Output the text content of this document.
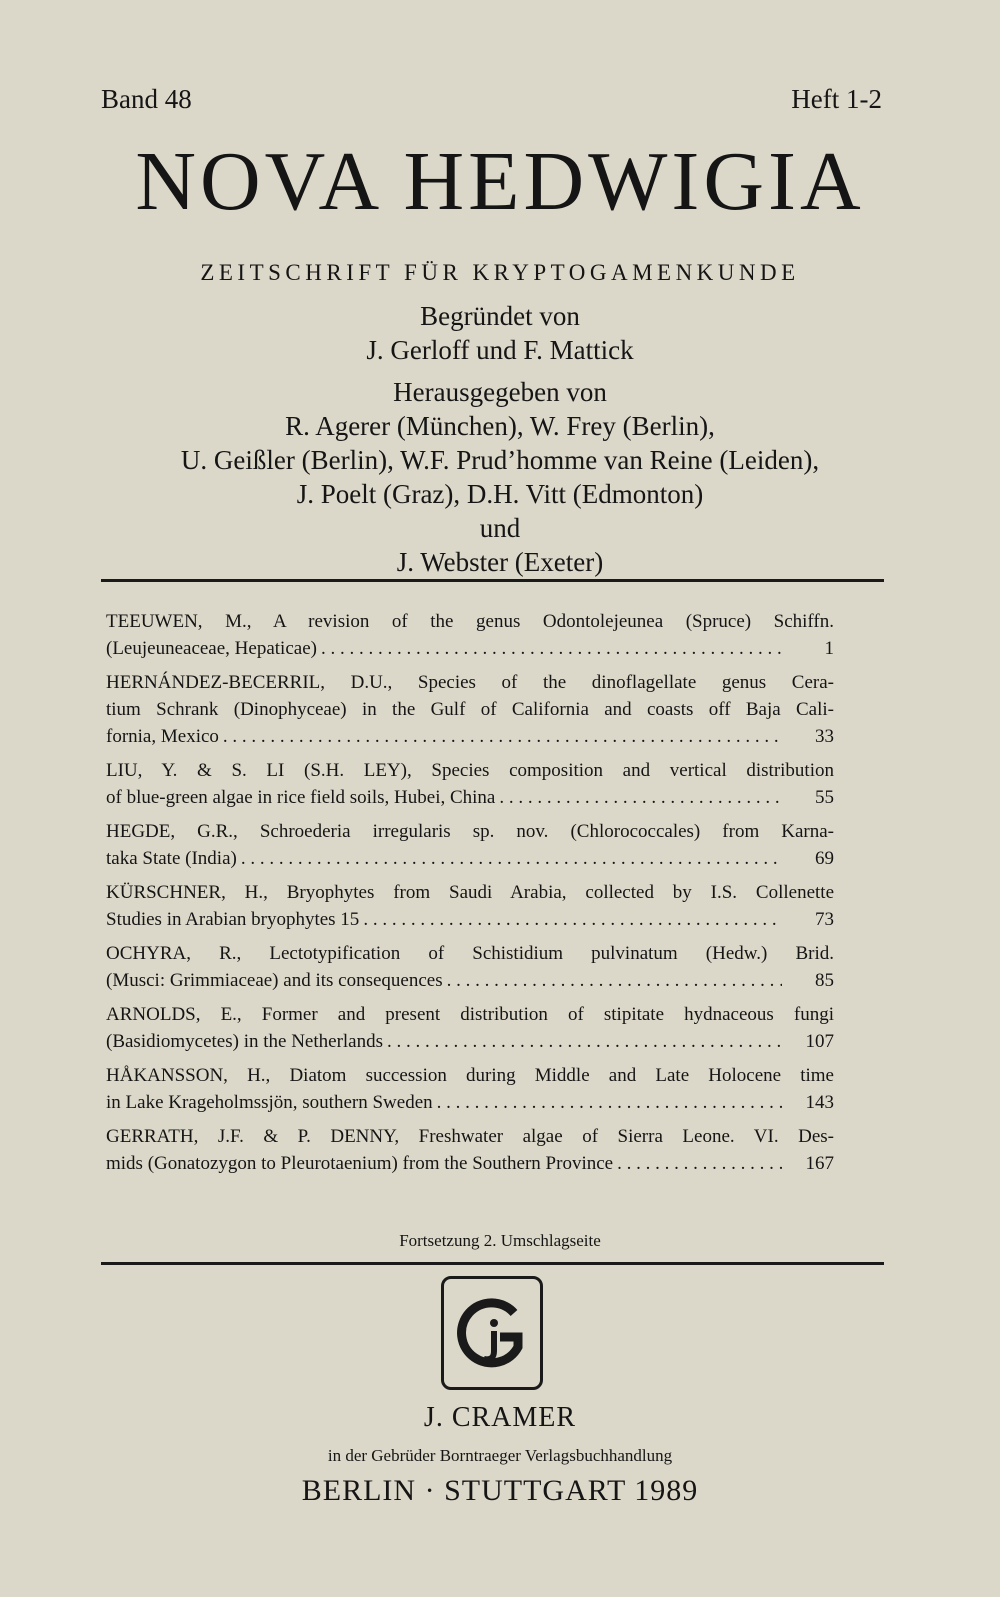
Band 48	Heft 1-2
NOVA HEDWIGIA
ZEITSCHRIFT FÜR KRYPTOGAMENKUNDE
Begründet von
J. Gerloff und F. Mattick
Herausgegeben von
R. Agerer (München), W. Frey (Berlin),
U. Geißler (Berlin), W.F. Prud’homme van Reine (Leiden),
J. Poelt (Graz), D.H. Vitt (Edmonton)
und
J. Webster (Exeter)
TEEUWEN, M., A revision of the genus Odontolejeunea (Spruce) Schiffn.
(Leujeuneaceae, Hepaticae) . . .	1
HERNÁNDEZ-BECERRIL, D.U., Species of the dinoflagellate genus Cera-
tium Schrank (Dinophyceae) in the Gulf of California and coasts off Baja Cali-
fornia, Mexico . . .	33
LIU, Y. & S. LI (S.H. LEY), Species composition and vertical distribution
of blue-green algae in rice field soils, Hubei, China . . .	55
HEGDE, G.R., Schroederia irregularis sp. nov. (Chlorococcales) from Karna-
taka State (India) . . .	69
KÜRSCHNER, H., Bryophytes from Saudi Arabia, collected by I.S. Collenette
Studies in Arabian bryophytes 15 . . .	73
OCHYRA, R., Lectotypification of Schistidium pulvinatum (Hedw.) Brid.
(Musci: Grimmiaceae) and its consequences . . .	85
ARNOLDS, E., Former and present distribution of stipitate hydnaceous fungi
(Basidiomycetes) in the Netherlands . . .	107
HÅKANSSON, H., Diatom succession during Middle and Late Holocene time
in Lake Krageholmssjön, southern Sweden . . .	143
GERRATH, J.F. & P. DENNY, Freshwater algae of Sierra Leone. VI. Des-
mids (Gonatozygon to Pleurotaenium) from the Southern Province . . .	167
Fortsetzung 2. Umschlagseite
J. CRAMER
in der Gebrüder Borntraeger Verlagsbuchhandlung
BERLIN · STUTTGART 1989
